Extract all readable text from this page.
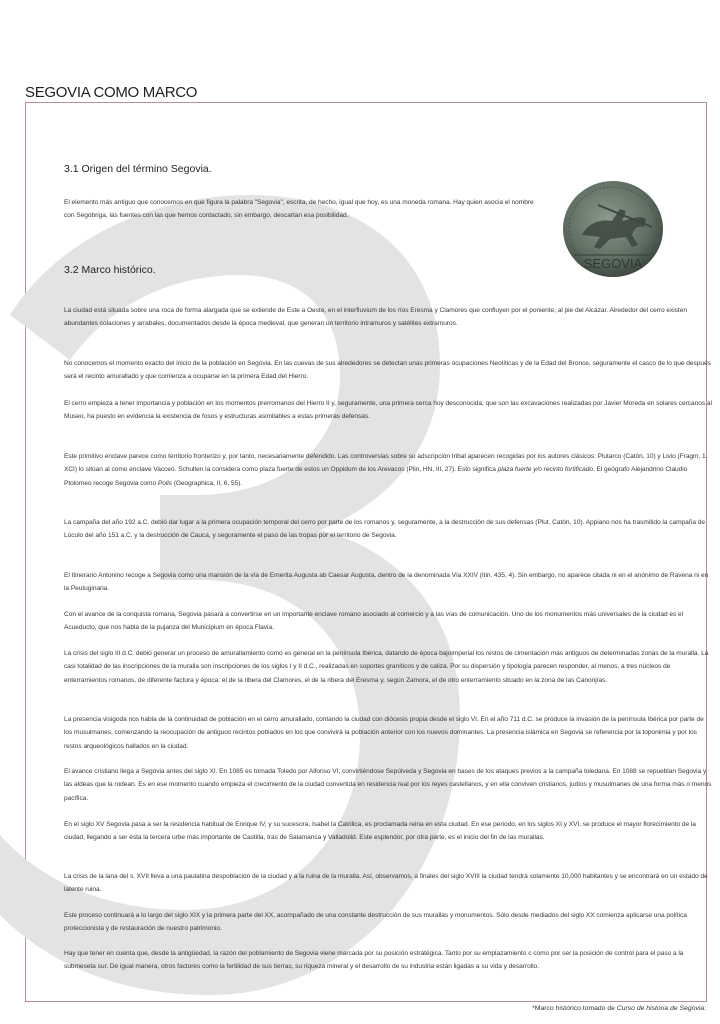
SEGOVIA COMO MARCO
3.1 Origen del término Segovia.

El elemento más antiguo que conocemos en que figura la palabra "Segovia", escrita, de hecho, igual que hoy, es una moneda romana. Hay quien asocia el nombre con Segóbriga, las fuentes con las que hemos contactado, sin embargo, descartan esa posibilidad.

SEGOVIA
3.2 Marco histórico.

La ciudad está situada sobre una roca de forma alargada que se extiende de Este a Oeste, en el interfluvium de los ríos Eresma y Clamores que confluyen por el poniente, al pie del Alcázar. Alrededor del cerro existen abundantes colaciones y arrabales, documentados desde la época medieval, que generan un territorio intramuros y satélites extramuros.

No conocemos el momento exacto del inicio de la población en Segovia. En las cuevas de sus alrededores se detectan unas primeras ocupaciones Neolíticas y de la Edad del Bronce, seguramente el casco de lo que después será el recinto amurallado y que comienza a ocuparse en la primera Edad del Hierro.

El cerro empieza a tener importancia y población en los momentos prerromanos del Hierro II y, seguramente, una primera cerca hoy desconocida, que son las excavaciones realizadas por Javier Moreda en solares cercanos al Museo, ha puesto en evidencia la existencia de fosos y estructuras asimilables a estas primeras defensas.

Este primitivo enclave parece como territorio fronterizo y, por tanto, necesariamente defendido. Las controversias sobre su adscripción tribal aparecen recogidas por los autores clásicos: Plutarco (Catón, 10) y Livio (Fragm, 1, XCI) lo sitúan al como enclave Vacceo. Schulten la considera como plaza fuerte de estos un Oppidum de los Arevacos (Plin, HN, III, 27). Esto significa plaza fuerte y/o recinto fortificado. El geógrafo Alejandrino Claudio Ptolomeo recoge Segovia como Polis (Geographica, II, 6, 55).

La campaña del año 192 a.C. debió dar lugar a la primera ocupación temporal del cerro por parte de los romanos y, seguramente, a la destrucción de sus defensas (Plut. Catón, 10). Appiano nos ha trasmitido la campaña de Lúculo del año 151 a.C. y la destrucción de Cauca, y seguramente el paso de las tropas por el territorio de Segovia.

El Itinerario Antonino recoge a Segovia como una mansión de la vía de Emerita Augusta ab Caesar Augusta, dentro de la denominada Vía XXIV (Itin. 435, 4). Sin embargo, no aparece citada ni en el anónimo de Ravena ni en la Peutuginaria.

Con el avance de la conquista romana, Segovia pasará a convertirse en un importante enclave romano asociado al comercio y a las vías de comunicación. Uno de los monumentos más universales de la ciudad es el Acueducto, que nos habla de la pujanza del Municipium en época Flavia.

La crisis del siglo III d.C. debió generar un proceso de amurallamiento como es general en la península Ibérica, datando de época bajoimperial los restos de cimentación más antiguos de determinadas zonas de la muralla. La casi totalidad de las inscripciones de la muralla son inscripciones de los siglos I y II d.C., realizadas en soportes graníticos y de caliza. Por su dispersión y tipología parecen responder, al menos, a tres núcleos de enterramientos romanos, de diferente factura y época: el de la ribera del Clamores, el de la ribera del Eresma y, según Zamora, el de otro enterramiento situado en la zona de las Canonjías.

La presencia visigoda nos habla de la continuidad de población en el cerro amurallado, contando la ciudad con diócesis propia desde el siglo VI. En el año 711 d.C. se produce la invasión de la península Ibérica por parte de los musulmanes, comenzando la reocupación de antiguos recintos poblados en los que convivirá la población anterior con los nuevos dominantes. La presencia islámica en Segovia se referencia por la toponimia y por los restos arqueológicos hallados en la ciudad.

El avance cristiano llega a Segovia antes del siglo XI. En 1085 es tomada Toledo por Alfonso VI, convirtiéndose Sepúlveda y Segovia en bases de los ataques previos a la campaña toledana. En 1088 se repueblan Segovia y las aldeas que la rodean. Es en ese momento cuando empieza el crecimiento de la ciudad convertida en residencia real por los reyes castellanos, y en ella conviven cristianos, judíos y musulmanes de una forma más o menos pacífica.

En el siglo XV Segovia pasa a ser la residencia habitual de Enrique IV, y su sucesora, Isabel la Católica, es proclamada reina en esta ciudad. En ese periodo, en los siglos XI y XVI, se produce el mayor florecimiento de la ciudad, llegando a ser ésta la tercera urbe más importante de Castilla, tras de Salamanca y Valladolid. Este esplendor, por otra parte, es el inicio del fin de las murallas.

La crisis de la lana del s. XVII lleva a una paulatina despoblación de la ciudad y a la ruina de la muralla. Así, observamos, a finales del siglo XVIII la ciudad tendrá solamente 10.000 habitantes y se encontrará en un estado de latente ruina.

Este proceso continuará a lo largo del siglo XIX y la primera parte del XX, acompañado de una constante destrucción de sus murallas y monumentos. Sólo desde mediados del siglo XX comienza aplicarse una política proteccionista y de restauración de nuestro patrimonio.

Hay que tener en cuenta que, desde la antigüedad, la razón del poblamiento de Segovia viene marcada por su posición estratégica. Tanto por su emplazamiento c como por ser la posición de control para el paso a la submeseta sur. De igual manera, otros factores como la fertilidad de sus tierras, su riqueza mineral y el desarrollo de su industria están ligadas a su vida y desarrollo.

*Marco histórico tomado de Curso de historia de Segovia.
